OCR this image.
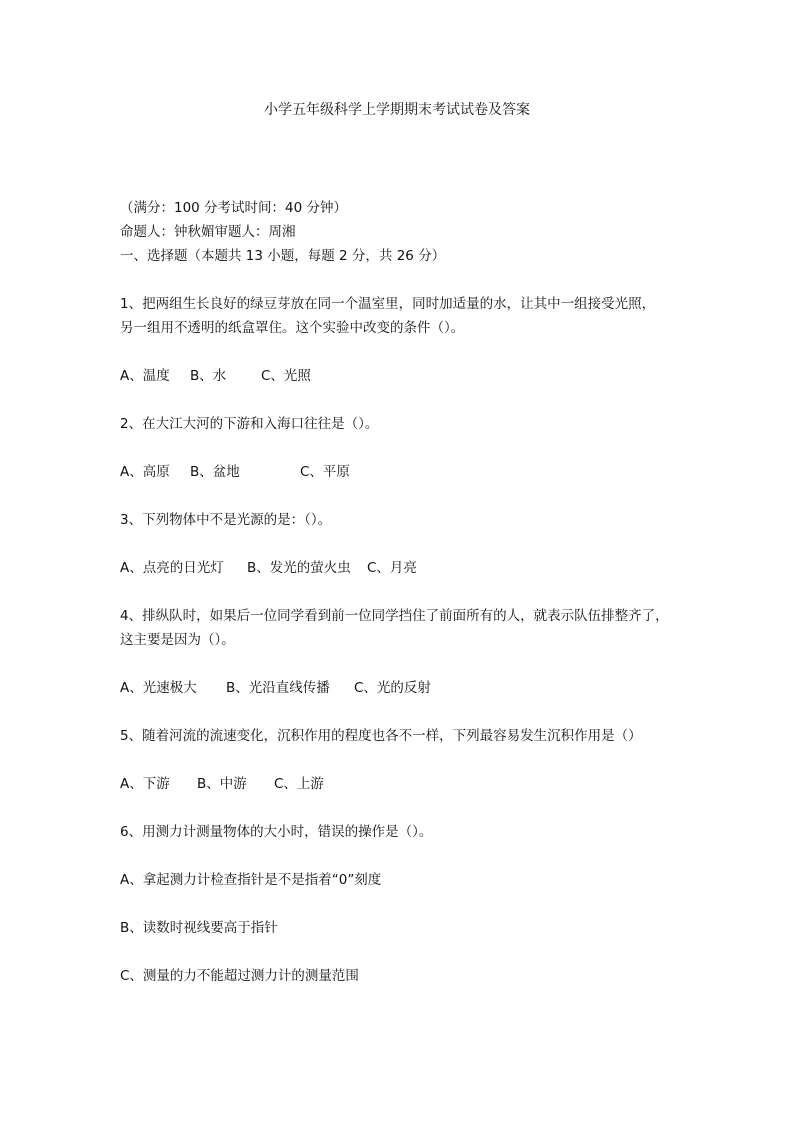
小学五年级科学上学期期末考试试卷及答案
（满分：100 分考试时间：40 分钟）
命题人：钟秋媚审题人：周湘
一、选择题（本题共 13 小题，每题 2 分，共 26 分）
1、把两组生长良好的绿豆芽放在同一个温室里，同时加适量的水，让其中一组接受光照，
另一组用不透明的纸盒罩住。这个实验中改变的条件（）。
A、温度 B、水	C、光照
2、在大江大河的下游和入海口往往是（）。
A、高原 B、盆地	C、平原
3、下列物体中不是光源的是：（）。
A、点亮的日光灯 B、发光的萤火虫 C、月亮
4、排纵队时，如果后一位同学看到前一位同学挡住了前面所有的人，就表示队伍排整齐了，
这主要是因为（）。
A、光速极大 B、光沿直线传播 C、光的反射
5、随着河流的流速变化，沉积作用的程度也各不一样，下列最容易发生沉积作用是（）
A、下游 B、中游 C、上游
6、用测力计测量物体的大小时，错误的操作是（）。
A、拿起测力计检查指针是不是指着“0”刻度
B、读数时视线要高于指针
C、测量的力不能超过测力计的测量范围
